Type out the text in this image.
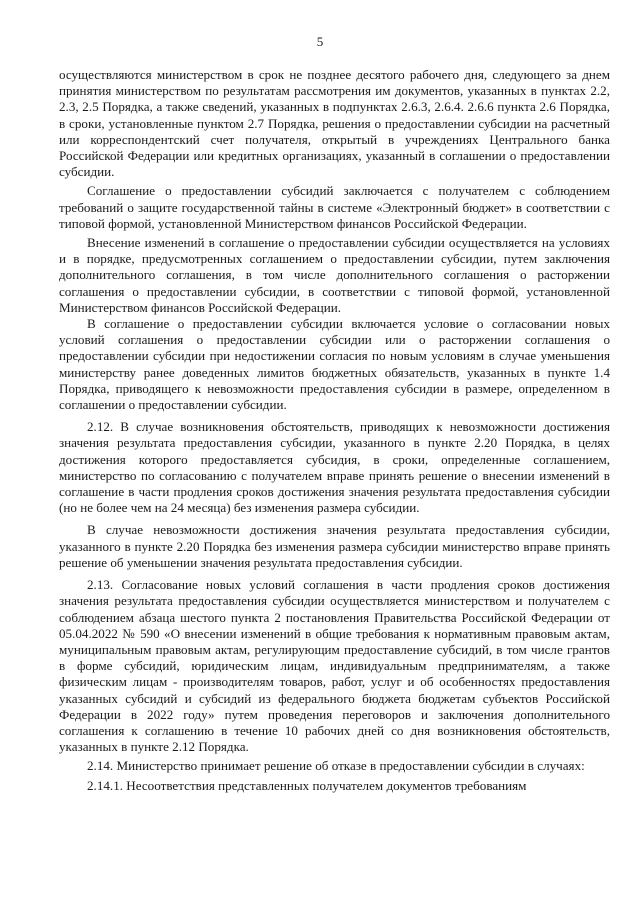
5

осуществляются министерством в срок не позднее десятого рабочего дня, следующего за днем принятия министерством по результатам рассмотрения им документов, указанных в пунктах 2.2, 2.3, 2.5 Порядка, а также сведений, указанных в подпунктах 2.6.3, 2.6.4. 2.6.6 пункта 2.6 Порядка, в сроки, установленные пунктом 2.7 Порядка, решения о предоставлении субсидии на расчетный или корреспондентский счет получателя, открытый в учреждениях Центрального банка Российской Федерации или кредитных организациях, указанный в соглашении о предоставлении субсидии.

Соглашение о предоставлении субсидий заключается с получателем с соблюдением требований о защите государственной тайны в системе «Электронный бюджет» в соответствии с типовой формой, установленной Министерством финансов Российской Федерации.

Внесение изменений в соглашение о предоставлении субсидии осуществляется на условиях и в порядке, предусмотренных соглашением о предоставлении субсидии, путем заключения дополнительного соглашения, в том числе дополнительного соглашения о расторжении соглашения о предоставлении субсидии, в соответствии с типовой формой, установленной Министерством финансов Российской Федерации.

В соглашение о предоставлении субсидии включается условие о согласовании новых условий соглашения о предоставлении субсидии или о расторжении соглашения о предоставлении субсидии при недостижении согласия по новым условиям в случае уменьшения министерству ранее доведенных лимитов бюджетных обязательств, указанных в пункте 1.4 Порядка, приводящего к невозможности предоставления субсидии в размере, определенном в соглашении о предоставлении субсидии.

2.12. В случае возникновения обстоятельств, приводящих к невозможности достижения значения результата предоставления субсидии, указанного в пункте 2.20 Порядка, в целях достижения которого предоставляется субсидия, в сроки, определенные соглашением, министерство по согласованию с получателем вправе принять решение о внесении изменений в соглашение в части продления сроков достижения значения результата предоставления субсидии (но не более чем на 24 месяца) без изменения размера субсидии.

В случае невозможности достижения значения результата предоставления субсидии, указанного в пункте 2.20 Порядка без изменения размера субсидии министерство вправе принять решение об уменьшении значения результата предоставления субсидии.

2.13. Согласование новых условий соглашения в части продления сроков достижения значения результата предоставления субсидии осуществляется министерством и получателем с соблюдением абзаца шестого пункта 2 постановления Правительства Российской Федерации от 05.04.2022 № 590 «О внесении изменений в общие требования к нормативным правовым актам, муниципальным правовым актам, регулирующим предоставление субсидий, в том числе грантов в форме субсидий, юридическим лицам, индивидуальным предпринимателям, а также физическим лицам - производителям товаров, работ, услуг и об особенностях предоставления указанных субсидий и субсидий из федерального бюджета бюджетам субъектов Российской Федерации в 2022 году» путем проведения переговоров и заключения дополнительного соглашения к соглашению в течение 10 рабочих дней со дня возникновения обстоятельств, указанных в пункте 2.12 Порядка.

2.14. Министерство принимает решение об отказе в предоставлении субсидии в случаях:

2.14.1. Несоответствия представленных получателем документов требованиям
